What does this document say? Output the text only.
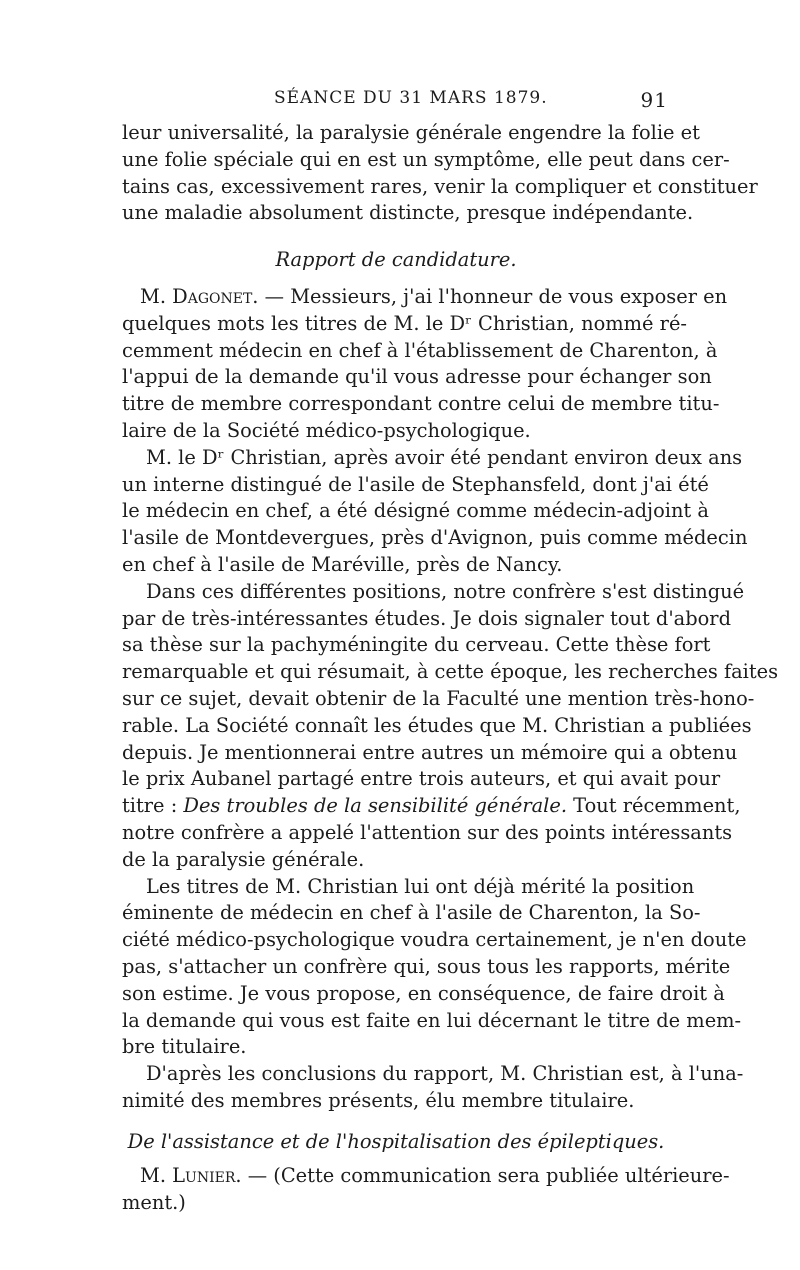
SÉANCE DU 31 MARS 1879.	91
leur universalité, la paralysie générale engendre la folie et
une folie spéciale qui en est un symptôme, elle peut dans cer-
tains cas, excessivement rares, venir la compliquer et constituer
une maladie absolument distincte, presque indépendante.
Rapport de candidature.
M. Dagonet. — Messieurs, j'ai l'honneur de vous exposer en
quelques mots les titres de M. le Dʳ Christian, nommé ré-
cemment médecin en chef à l'établissement de Charenton, à
l'appui de la demande qu'il vous adresse pour échanger son
titre de membre correspondant contre celui de membre titu-
laire de la Société médico-psychologique.
M. le Dʳ Christian, après avoir été pendant environ deux ans
un interne distingué de l'asile de Stephansfeld, dont j'ai été
le médecin en chef, a été désigné comme médecin-adjoint à
l'asile de Montdevergues, près d'Avignon, puis comme médecin
en chef à l'asile de Maréville, près de Nancy.
Dans ces différentes positions, notre confrère s'est distingué
par de très-intéressantes études. Je dois signaler tout d'abord
sa thèse sur la pachyméningite du cerveau. Cette thèse fort
remarquable et qui résumait, à cette époque, les recherches faites
sur ce sujet, devait obtenir de la Faculté une mention très-hono-
rable. La Société connaît les études que M. Christian a publiées
depuis. Je mentionnerai entre autres un mémoire qui a obtenu
le prix Aubanel partagé entre trois auteurs, et qui avait pour
titre : Des troubles de la sensibilité générale. Tout récemment,
notre confrère a appelé l'attention sur des points intéressants
de la paralysie générale.
Les titres de M. Christian lui ont déjà mérité la position
éminente de médecin en chef à l'asile de Charenton, la So-
ciété médico-psychologique voudra certainement, je n'en doute
pas, s'attacher un confrère qui, sous tous les rapports, mérite
son estime. Je vous propose, en conséquence, de faire droit à
la demande qui vous est faite en lui décernant le titre de mem-
bre titulaire.
D'après les conclusions du rapport, M. Christian est, à l'una-
nimité des membres présents, élu membre titulaire.
De l'assistance et de l'hospitalisation des épileptiques.
M. Lunier. — (Cette communication sera publiée ultérieure-
ment.)
